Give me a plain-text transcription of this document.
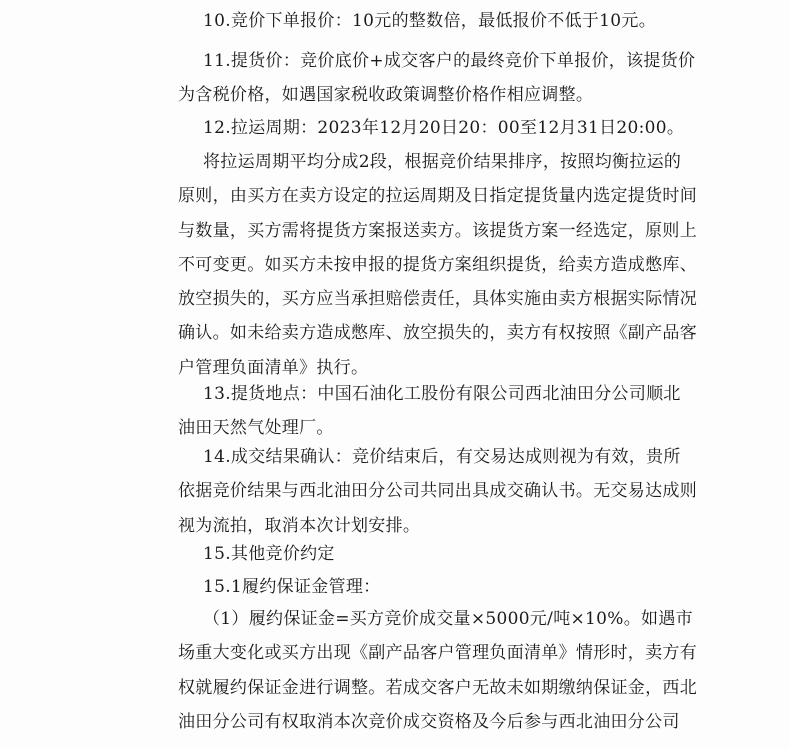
10.竞价下单报价：10元的整数倍，最低报价不低于10元。
11.提货价：竞价底价+成交客户的最终竞价下单报价，该提货价
为含税价格，如遇国家税收政策调整价格作相应调整。
12.拉运周期：2023年12月20日20：00至12月31日20:00。
将拉运周期平均分成2段，根据竞价结果排序，按照均衡拉运的
原则，由买方在卖方设定的拉运周期及日指定提货量内选定提货时间
与数量，买方需将提货方案报送卖方。该提货方案一经选定，原则上
不可变更。如买方未按申报的提货方案组织提货，给卖方造成憋库、
放空损失的，买方应当承担赔偿责任，具体实施由卖方根据实际情况
确认。如未给卖方造成憋库、放空损失的，卖方有权按照《副产品客
户管理负面清单》执行。
13.提货地点：中国石油化工股份有限公司西北油田分公司顺北
油田天然气处理厂。
14.成交结果确认：竞价结束后，有交易达成则视为有效，贵所
依据竞价结果与西北油田分公司共同出具成交确认书。无交易达成则
视为流拍，取消本次计划安排。
15.其他竞价约定
15.1履约保证金管理：
（1）履约保证金=买方竞价成交量×5000元/吨×10%。如遇市
场重大变化或买方出现《副产品客户管理负面清单》情形时，卖方有
权就履约保证金进行调整。若成交客户无故未如期缴纳保证金，西北
油田分公司有权取消本次竞价成交资格及今后参与西北油田分公司
